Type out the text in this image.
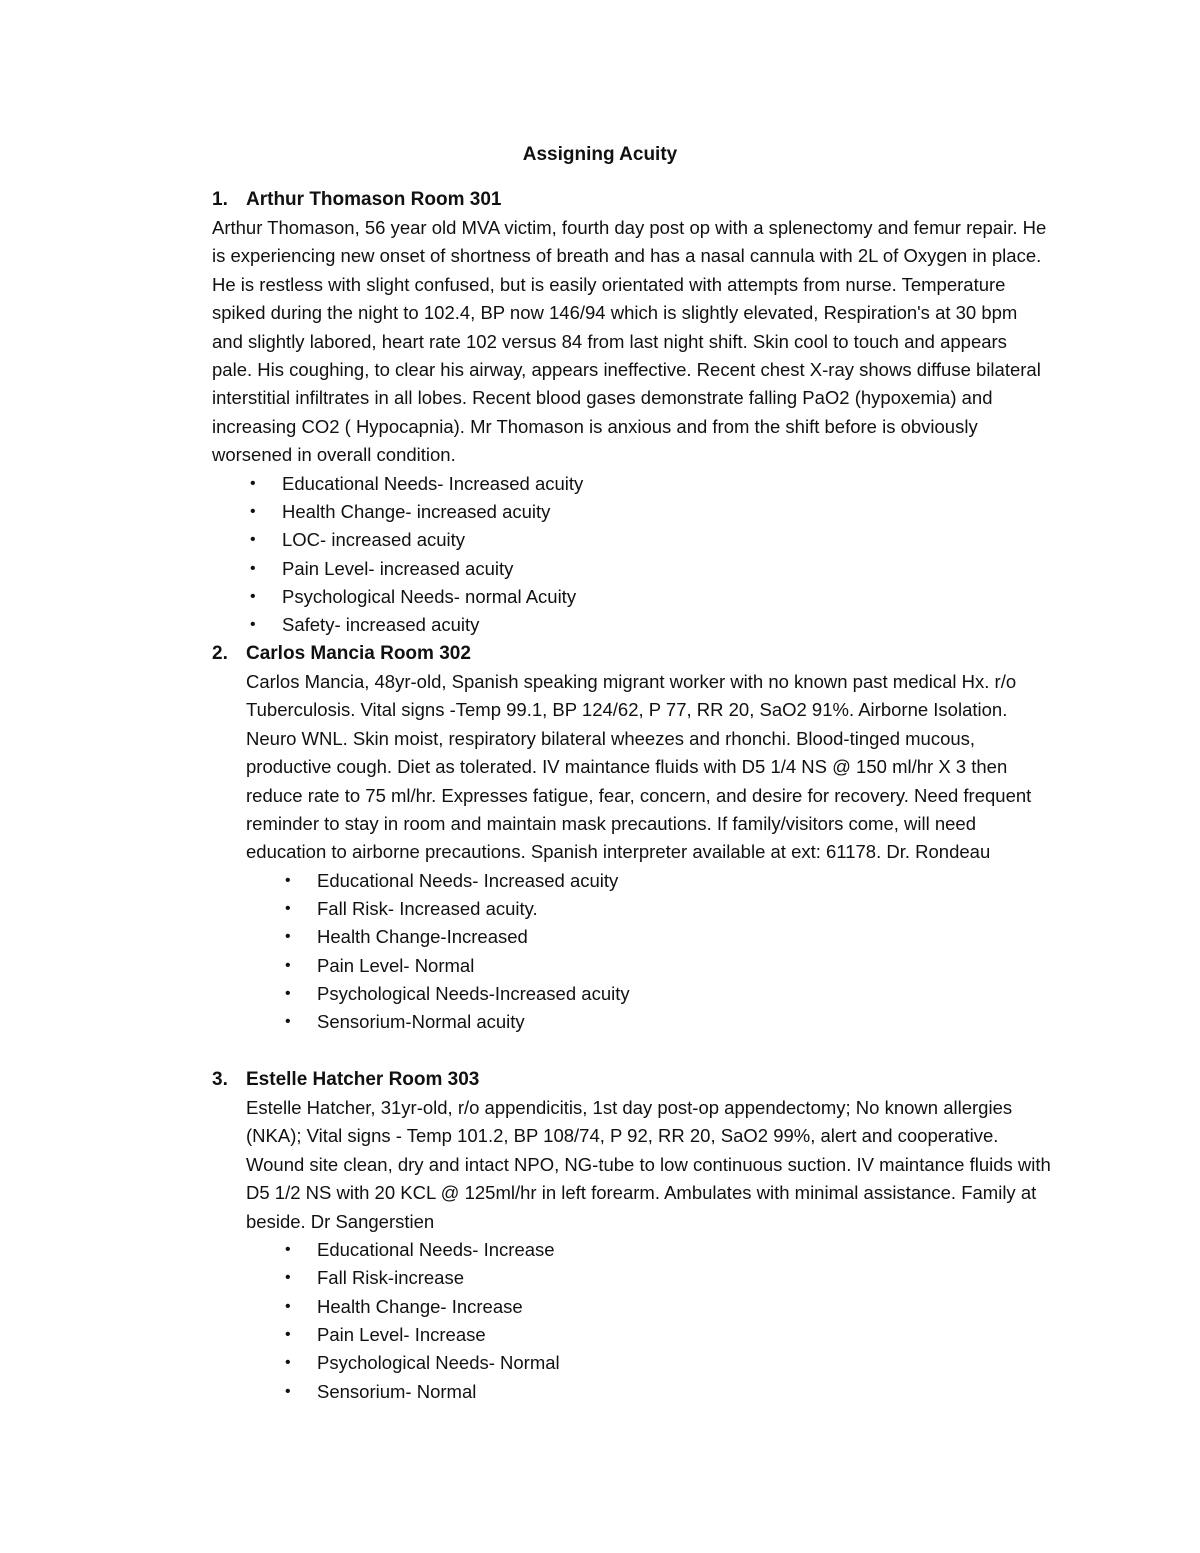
Assigning Acuity
1. Arthur Thomason Room 301

Arthur Thomason, 56 year old MVA victim, fourth day post op with a splenectomy and femur repair. He is experiencing new onset of shortness of breath and has a nasal cannula with 2L of Oxygen in place. He is restless with slight confused, but is easily orientated with attempts from nurse. Temperature spiked during the night to 102.4, BP now 146/94 which is slightly elevated, Respiration's at 30 bpm and slightly labored, heart rate 102 versus 84 from last night shift. Skin cool to touch and appears pale. His coughing, to clear his airway, appears ineffective. Recent chest X-ray shows diffuse bilateral interstitial infiltrates in all lobes. Recent blood gases demonstrate falling PaO2 (hypoxemia) and increasing CO2 ( Hypocapnia). Mr Thomason is anxious and from the shift before is obviously worsened in overall condition.

• Educational Needs- Increased acuity
• Health Change- increased acuity
• LOC- increased acuity
• Pain Level- increased acuity
• Psychological Needs- normal Acuity
• Safety- increased acuity
2. Carlos Mancia Room 302

Carlos Mancia, 48yr-old, Spanish speaking migrant worker with no known past medical Hx. r/o Tuberculosis. Vital signs -Temp 99.1, BP 124/62, P 77, RR 20, SaO2 91%. Airborne Isolation. Neuro WNL. Skin moist, respiratory bilateral wheezes and rhonchi. Blood-tinged mucous, productive cough. Diet as tolerated. IV maintance fluids with D5 1/4 NS @ 150 ml/hr X 3 then reduce rate to 75 ml/hr. Expresses fatigue, fear, concern, and desire for recovery. Need frequent reminder to stay in room and maintain mask precautions. If family/visitors come, will need education to airborne precautions. Spanish interpreter available at ext: 61178. Dr. Rondeau

• Educational Needs- Increased acuity
• Fall Risk- Increased acuity.
• Health Change-Increased
• Pain Level- Normal
• Psychological Needs-Increased acuity
• Sensorium-Normal acuity
3. Estelle Hatcher Room 303

Estelle Hatcher, 31yr-old, r/o appendicitis, 1st day post-op appendectomy; No known allergies (NKA); Vital signs - Temp 101.2, BP 108/74, P 92, RR 20, SaO2 99%, alert and cooperative. Wound site clean, dry and intact NPO, NG-tube to low continuous suction. IV maintance fluids with D5 1/2 NS with 20 KCL @ 125ml/hr in left forearm. Ambulates with minimal assistance. Family at beside. Dr Sangerstien

• Educational Needs- Increase
• Fall Risk-increase
• Health Change- Increase
• Pain Level- Increase
• Psychological Needs- Normal
• Sensorium- Normal
